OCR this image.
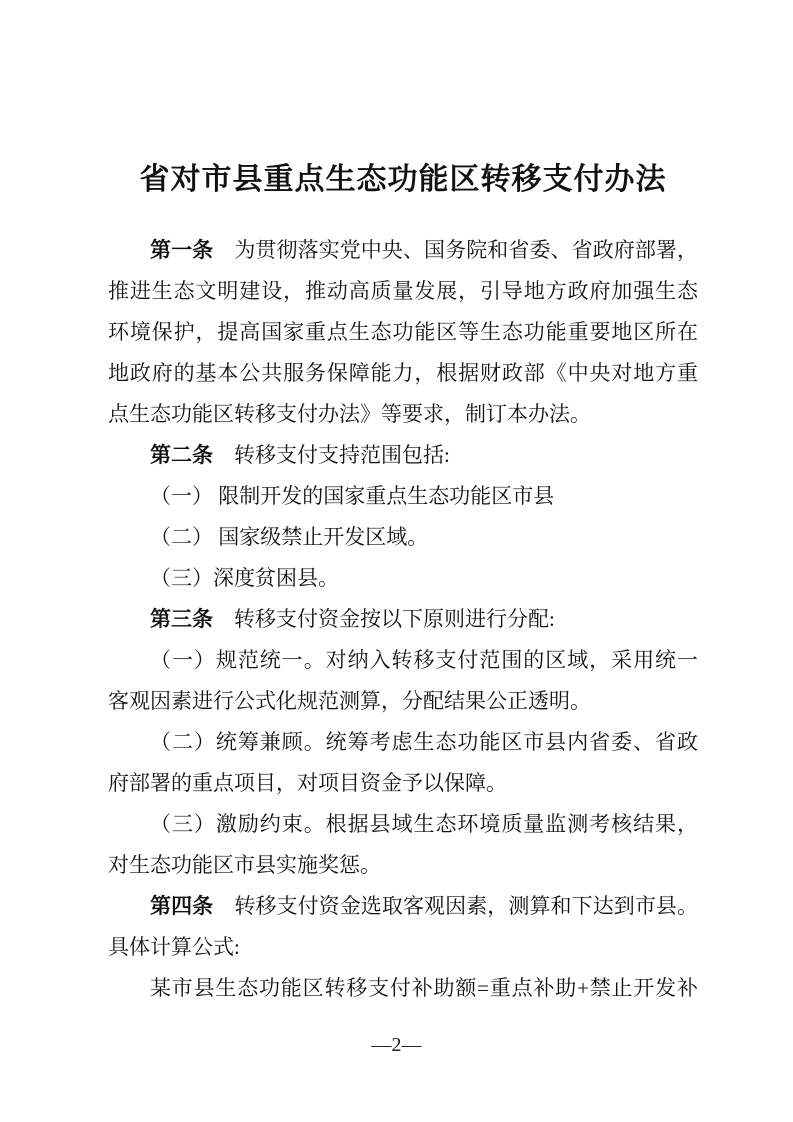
省对市县重点生态功能区转移支付办法
第一条　为贯彻落实党中央、国务院和省委、省政府部署，
推进生态文明建设，推动高质量发展，引导地方政府加强生态
环境保护，提高国家重点生态功能区等生态功能重要地区所在
地政府的基本公共服务保障能力，根据财政部《中央对地方重
点生态功能区转移支付办法》等要求，制订本办法。
第二条　转移支付支持范围包括:
（一） 限制开发的国家重点生态功能区市县
（二） 国家级禁止开发区域。
（三）深度贫困县。
第三条　转移支付资金按以下原则进行分配:
（一）规范统一。对纳入转移支付范围的区域，采用统一
客观因素进行公式化规范测算，分配结果公正透明。
（二）统筹兼顾。统筹考虑生态功能区市县内省委、省政
府部署的重点项目，对项目资金予以保障。
（三）激励约束。根据县域生态环境质量监测考核结果，
对生态功能区市县实施奖惩。
第四条　转移支付资金选取客观因素，测算和下达到市县。
具体计算公式:
某市县生态功能区转移支付补助额=重点补助+禁止开发补
—2—
